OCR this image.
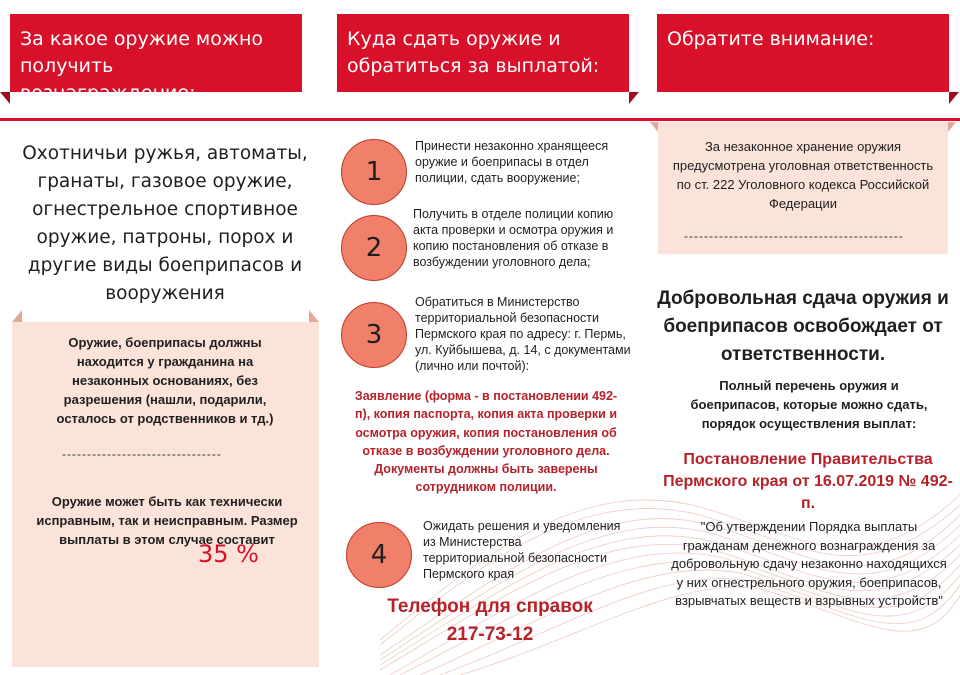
За какое оружие можно получить вознаграждение:
Куда сдать оружие и обратиться за выплатой:
Обратите внимание:
Охотничьи ружья, автоматы, гранаты, газовое оружие, огнестрельное спортивное оружие, патроны, порох и другие виды боеприпасов и вооружения
Оружие, боеприпасы должны находится у гражданина на незаконных основаниях, без разрешения (нашли, подарили, осталось от родственников и тд.)
--------------------------------
Оружие может быть как технически исправным, так и неисправным. Размер выплаты в этом случае составит
35 %
1
Принести незаконно хранящееся оружие и боеприпасы в отдел полиции, сдать вооружение;
2
Получить в отделе полиции копию акта проверки и осмотра оружия и копию постановления об отказе в возбуждении уголовного дела;
3
Обратиться в Министерство территориальной безопасности Пермского края по адресу: г. Пермь, ул. Куйбышева, д. 14, с документами (лично или почтой):
Заявление (форма - в постановлении 492-п), копия паспорта, копия акта проверки и осмотра оружия, копия постановления об отказе в возбуждении уголовного дела. Документы должны быть заверены сотрудником полиции.
4
Ожидать решения и уведомления из Министерства территориальной безопасности Пермского края
Телефон для справок
217-73-12
За незаконное хранение оружия предусмотрена уголовная ответственность по ст. 222 Уголовного кодекса Российской Федерации
--------------------------------------------
Добровольная сдача оружия и боеприпасов освобождает от ответственности.
Полный перечень оружия и боеприпасов, которые можно сдать, порядок осуществления выплат:
Постановление Правительства Пермского края от 16.07.2019 № 492-п.
"Об утверждении Порядка выплаты гражданам денежного вознаграждения за добровольную сдачу незаконно находящихся у них огнестрельного оружия, боеприпасов, взрывчатых веществ и взрывных устройств"
